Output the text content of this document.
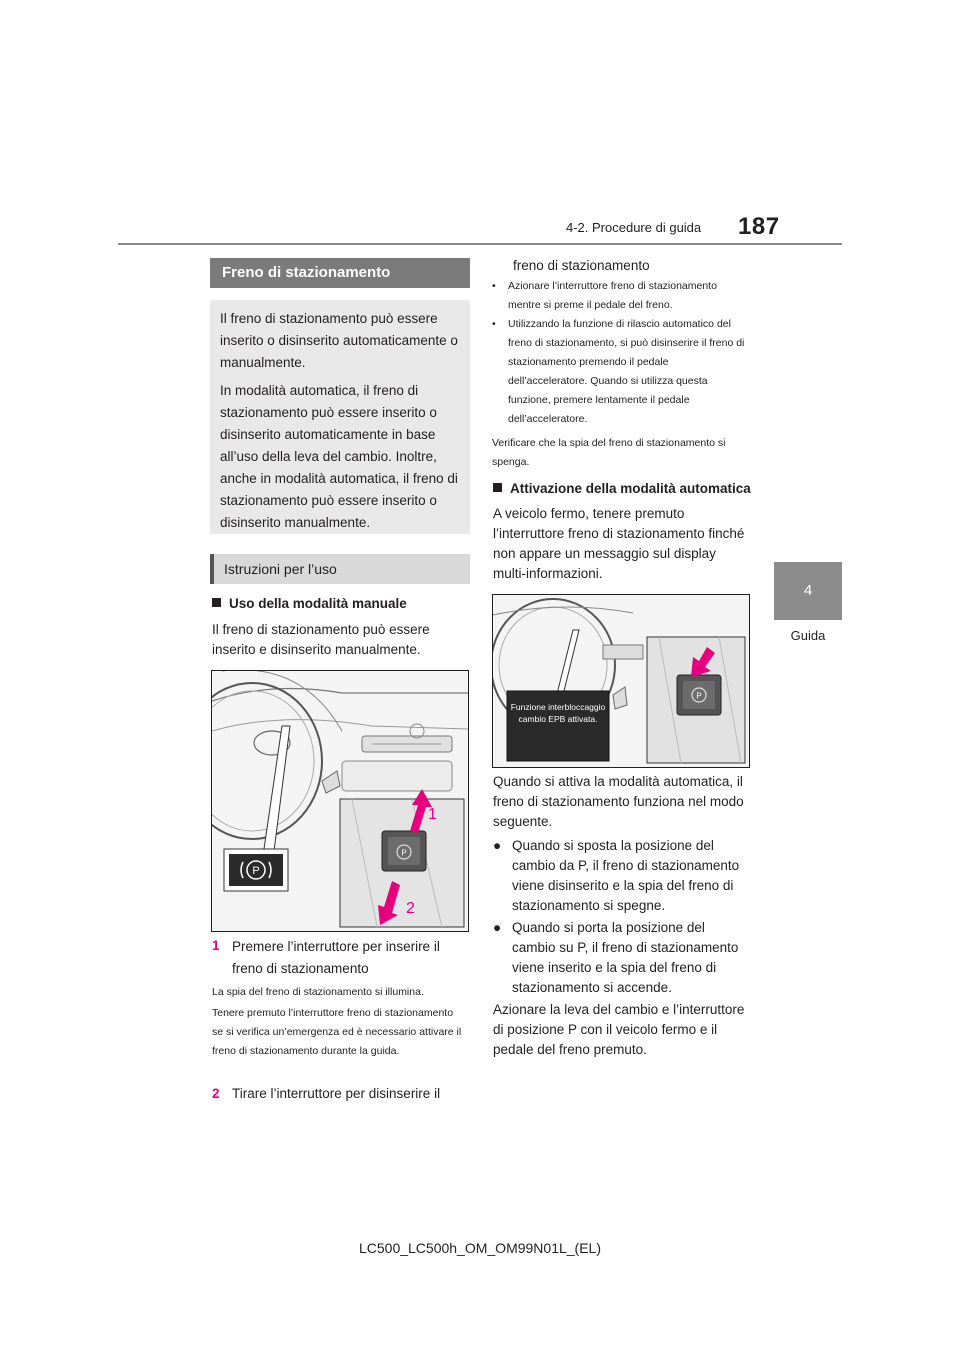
4-2. Procedure di guida 187
4
Guida
Freno di stazionamento

Il freno di stazionamento può essere inserito o disinserito automaticamente o manualmente.

In modalità automatica, il freno di stazionamento può essere inserito o disinserito automaticamente in base all’uso della leva del cambio. Inoltre, anche in modalità automatica, il freno di stazionamento può essere inserito o disinserito manualmente.

Istruzioni per l’uso
Uso della modalità manuale
Il freno di stazionamento può essere inserito e disinserito manualmente.
P
P
1
2
1 Premere l’interruttore per inserire il freno di stazionamento
La spia del freno di stazionamento si illumina.
Tenere premuto l’interruttore freno di stazionamento se si verifica un’emergenza ed è necessario attivare il freno di stazionamento durante la guida.
2 Tirare l’interruttore per disinserire il
freno di stazionamento
•	Azionare l’interruttore freno di stazionamento mentre si preme il pedale del freno.
•	Utilizzando la funzione di rilascio automatico del freno di stazionamento, si può disinserire il freno di stazionamento premendo il pedale dell’acceleratore. Quando si utilizza questa funzione, premere lentamente il pedale dell’acceleratore.
Verificare che la spia del freno di stazionamento si spenga.
Attivazione della modalità automatica
A veicolo fermo, tenere premuto l’interruttore freno di stazionamento finché non appare un messaggio sul display multi-informazioni.
P
Funzione interbloccaggio cambio EPB attivata.
Quando si attiva la modalità automatica, il freno di stazionamento funziona nel modo seguente.
● Quando si sposta la posizione del cambio da P, il freno di stazionamento viene disinserito e la spia del freno di stazionamento si spegne.
● Quando si porta la posizione del cambio su P, il freno di stazionamento viene inserito e la spia del freno di stazionamento si accende.
Azionare la leva del cambio e l’interruttore di posizione P con il veicolo fermo e il pedale del freno premuto.
LC500_LC500h_OM_OM99N01L_(EL)
